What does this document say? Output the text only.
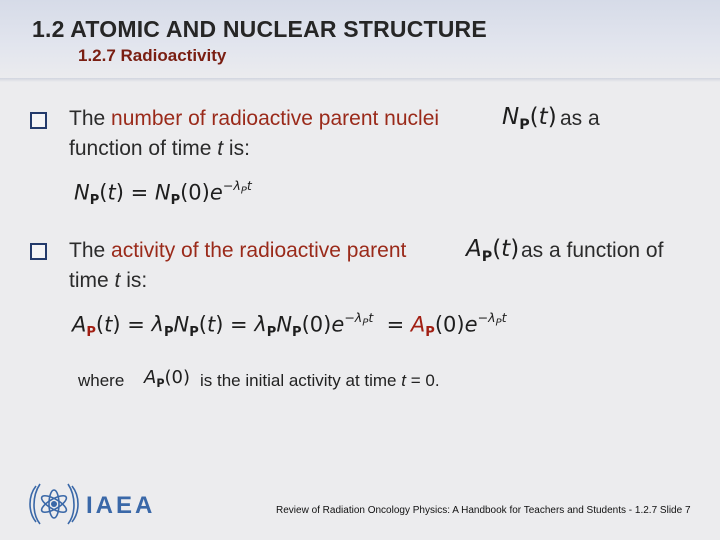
1.2 ATOMIC AND NUCLEAR STRUCTURE
1.2.7 Radioactivity
The number of radioactive parent nuclei	$N_P(t)$ as a
function of time t is:
$N_P(t) = N_P(0)e^{-\lambda_Pt}$
The activity of the radioactive parent	$A_P(t)$ as a function of
time t is:
$A_P(t) = \lambda_PN_P(t) = \lambda_PN_P(0)e^{-\lambda_Pt} = A_P(0)e^{-\lambda_Pt}$
where $A_P(0)$ is the initial activity at time t = 0.
IAEA	Review of Radiation Oncology Physics: A Handbook for Teachers and Students - 1.2.7 Slide 7
